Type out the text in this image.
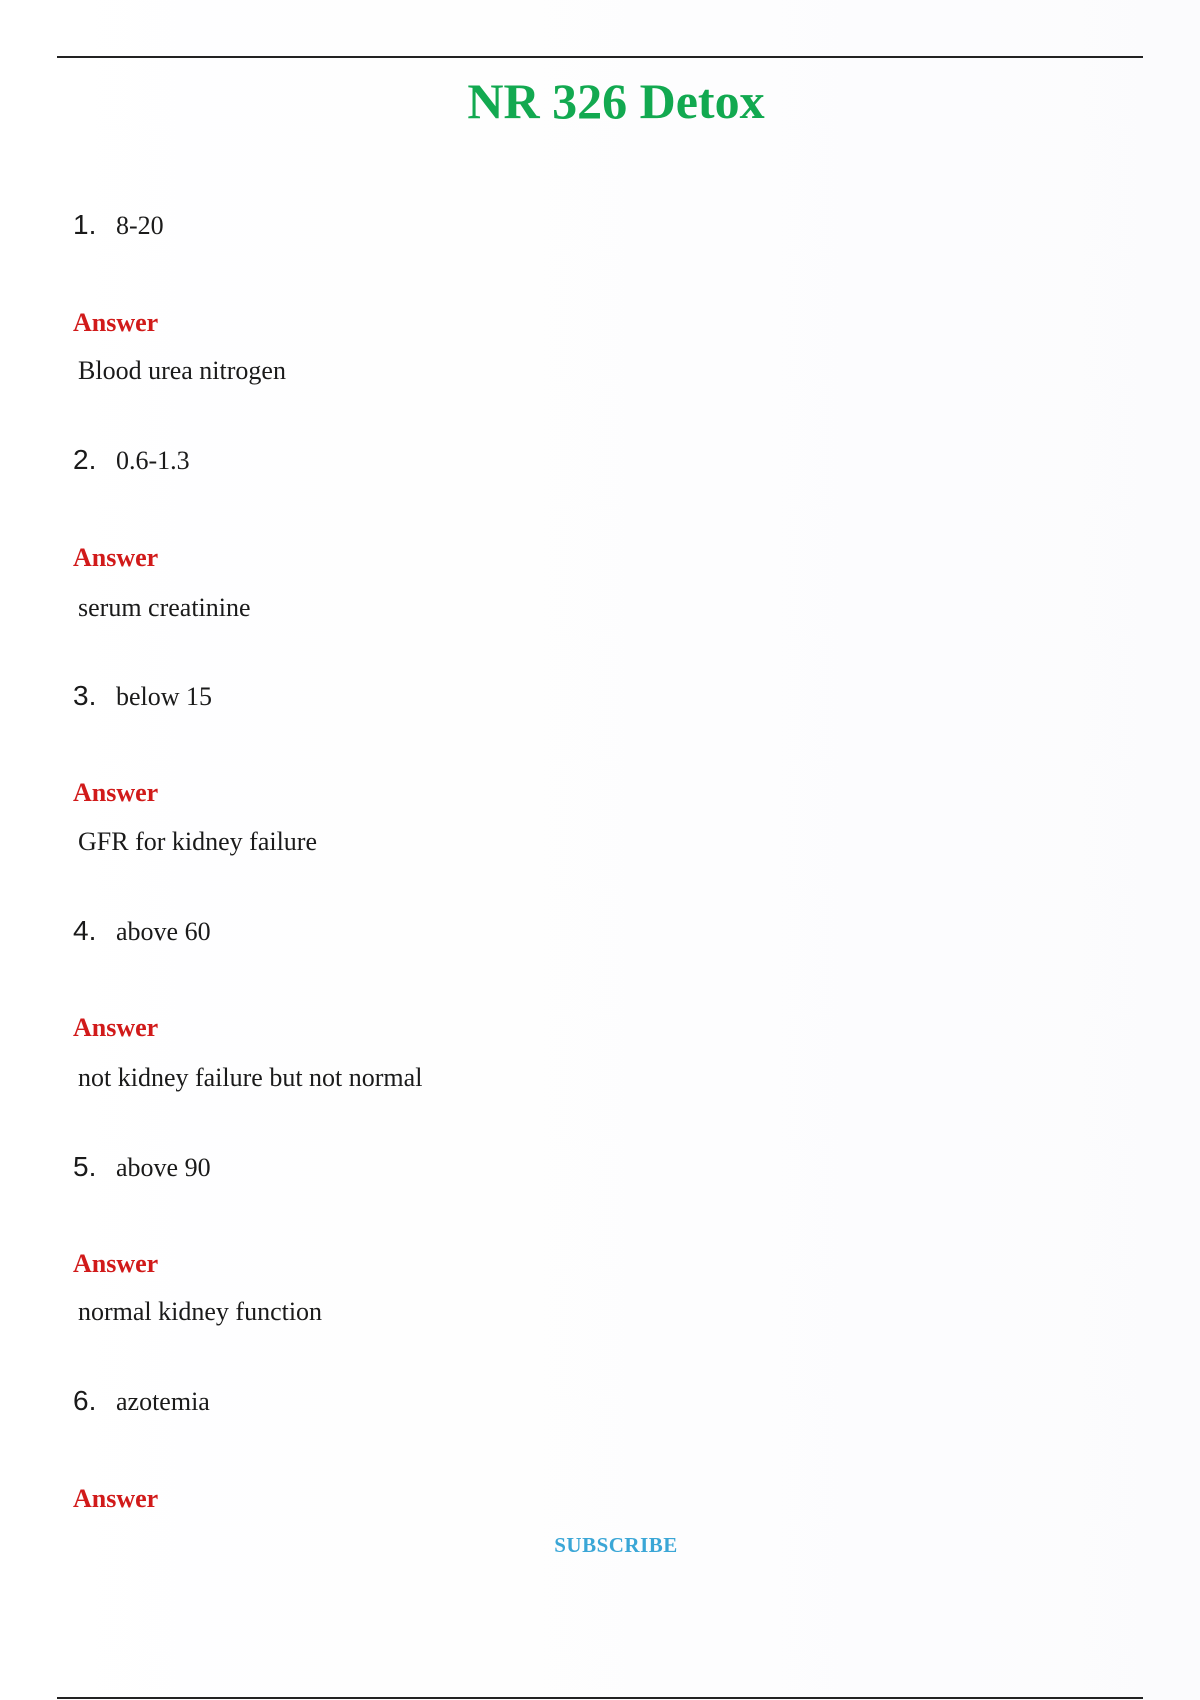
NR 326 Detox
1. 8-20
Answer
Blood urea nitrogen
2. 0.6-1.3
Answer
serum creatinine
3. below 15
Answer
GFR for kidney failure
4. above 60
Answer
not kidney failure but not normal
5. above 90
Answer
normal kidney function
6. azotemia
Answer
SUBSCRIBE
